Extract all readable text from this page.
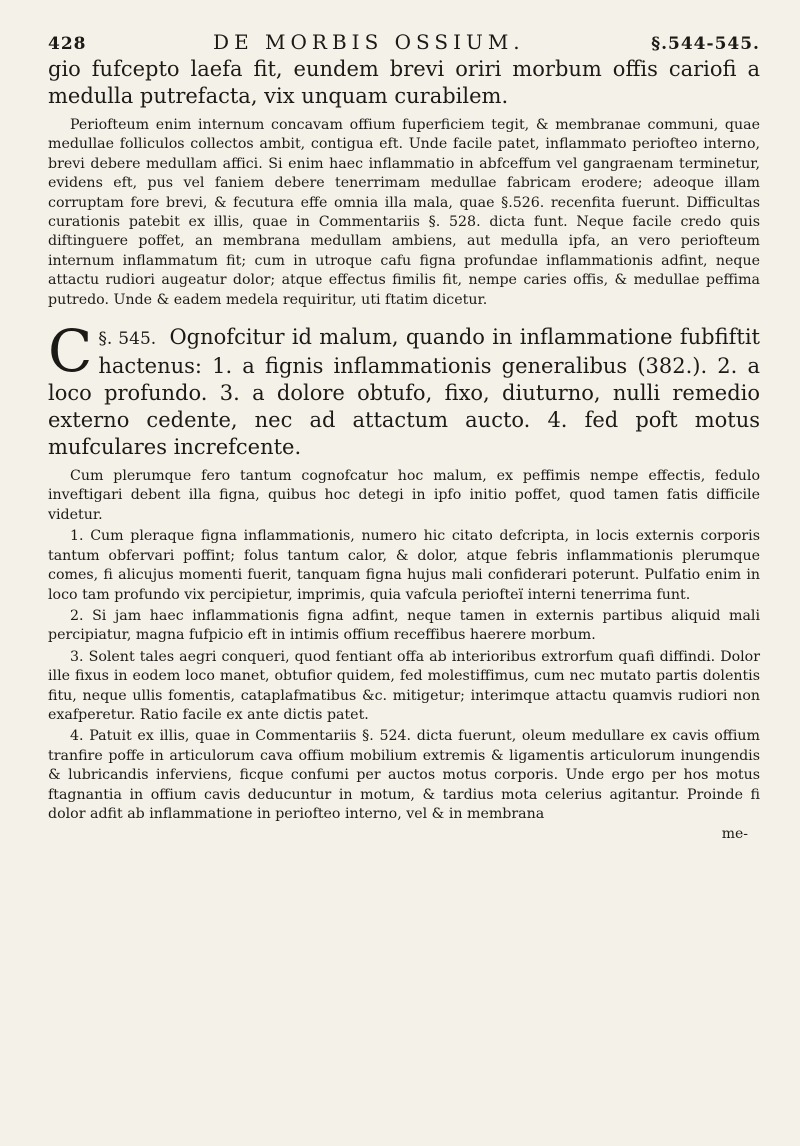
428	DE MORBIS OSSIUM.	§.544-545.

gio fufcepto laefa fit, eundem brevi oriri morbum offis cariofi a medulla putrefacta, vix unquam curabilem.

Periofteum enim internum concavam offium fuperficiem tegit, & membranae communi, quae medullae folliculos collectos ambit, contigua eft. Unde facile patet, inflammato periofteo interno, brevi debere medullam affici. Si enim haec inflammatio in abfceffum vel gangraenam terminetur, evidens eft, pus vel faniem debere tenerrimam medullae fabricam erodere; adeoque illam corruptam fore brevi, & fecutura effe omnia illa mala, quae §.526. recenfita fuerunt. Difficultas curationis patebit ex illis, quae in Commentariis §. 528. dicta funt. Neque facile credo quis diftinguere poffet, an membrana medullam ambiens, aut medulla ipfa, an vero periofteum internum inflammatum fit; cum in utroque cafu figna profundae inflammationis adfint, neque attactu rudiori augeatur dolor; atque effectus fimilis fit, nempe caries offis, & medullae peffima putredo. Unde & eadem medela requiritur, uti ftatim dicetur.

§. 545.
C	Ognofcitur id malum, quando in inflammatione fubfiftit hactenus: 1. a fignis inflammationis generalibus (382.). 2. a loco profundo. 3. a dolore obtufo, fixo, diuturno, nulli remedio externo cedente, nec ad attactum aucto. 4. fed poft motus mufculares increfcente.

Cum plerumque fero tantum cognofcatur hoc malum, ex peffimis nempe effectis, fedulo inveftigari debent illa figna, quibus hoc detegi in ipfo initio poffet, quod tamen fatis difficile videtur.

1. Cum pleraque figna inflammationis, numero hic citato defcripta, in locis externis corporis tantum obfervari poffint; folus tantum calor, & dolor, atque febris inflammationis plerumque comes, fi alicujus momenti fuerit, tanquam figna hujus mali confiderari poterunt. Pulfatio enim in loco tam profundo vix percipietur, imprimis, quia vafcula periofteï interni tenerrima funt.

2. Si jam haec inflammationis figna adfint, neque tamen in externis partibus aliquid mali percipiatur, magna fufpicio eft in intimis offium receffibus haerere morbum.

3. Solent tales aegri conqueri, quod fentiant offa ab interioribus extrorfum quafi diffindi. Dolor ille fixus in eodem loco manet, obtufior quidem, fed molestiffimus, cum nec mutato partis dolentis fitu, neque ullis fomentis, cataplafmatibus &c. mitigetur; interimque attactu quamvis rudiori non exafperetur. Ratio facile ex ante dictis patet.

4. Patuit ex illis, quae in Commentariis §. 524. dicta fuerunt, oleum medullare ex cavis offium tranfire poffe in articulorum cava offium mobilium extremis & ligamentis articulorum inungendis & lubricandis inferviens, ficque confumi per auctos motus corporis. Unde ergo per hos motus ftagnantia in offium cavis deducuntur in motum, & tardius mota celerius agitantur. Proinde fi dolor adfit ab inflammatione in periofteo interno, vel & in membrana

me-
